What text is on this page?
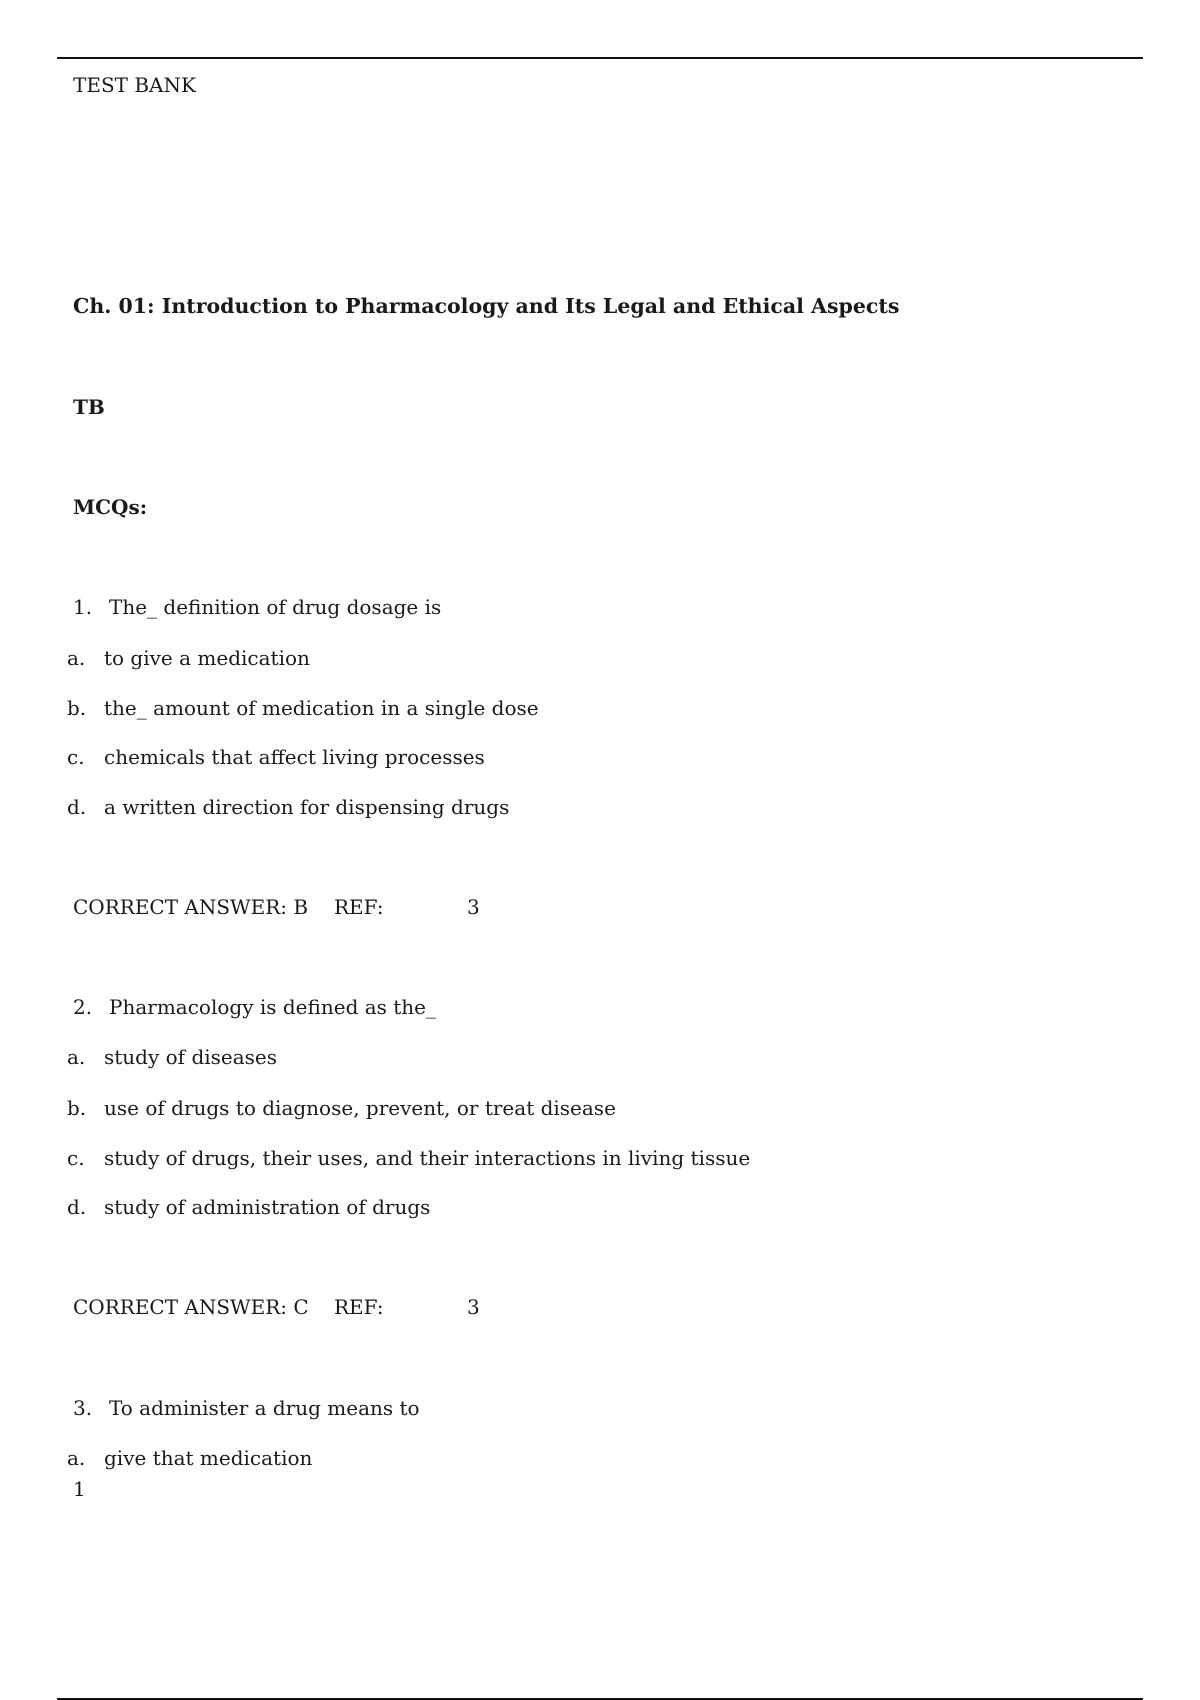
TEST BANK
Ch. 01: Introduction to Pharmacology and Its Legal and Ethical Aspects
TB
MCQs:
1. The_ definition of drug dosage is
a. to give a medication
b. the_ amount of medication in a single dose
c. chemicals that affect living processes
d. a written direction for dispensing drugs
CORRECT ANSWER: B REF:	3
2. Pharmacology is defined as the_
a. study of diseases
b. use of drugs to diagnose, prevent, or treat disease
c. study of drugs, their uses, and their interactions in living tissue
d. study of administration of drugs
CORRECT ANSWER: C REF:	3
3. To administer a drug means to
a. give that medication
1
